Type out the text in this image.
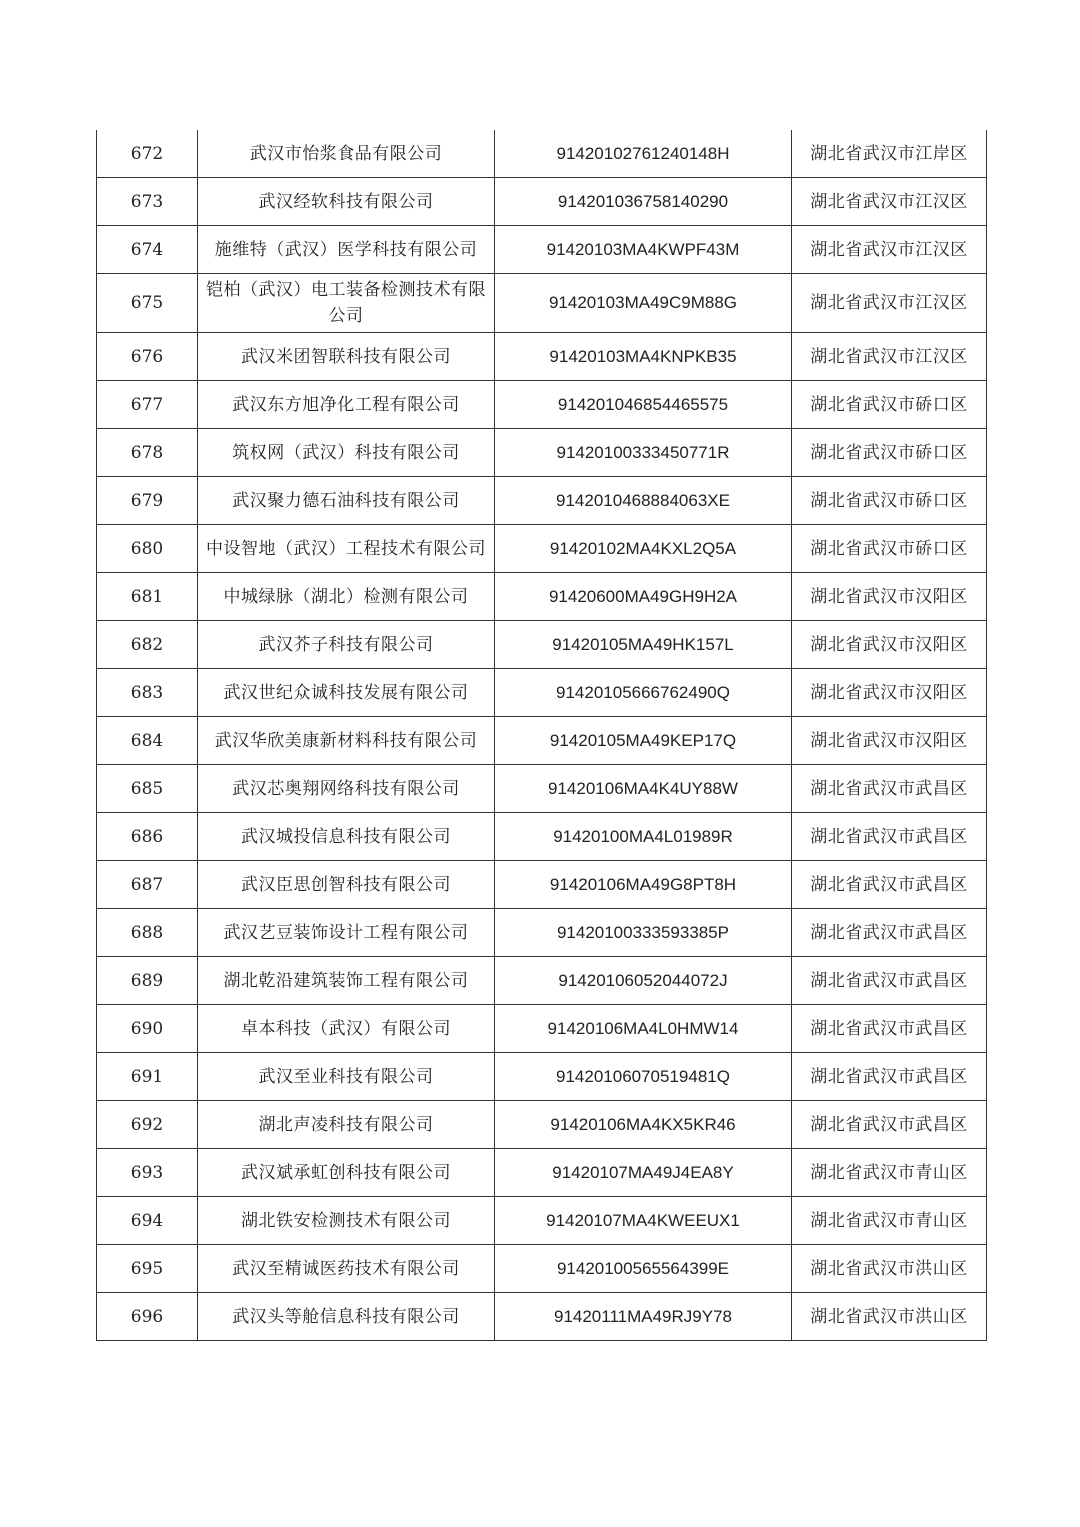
672	武汉市怡浆食品有限公司	91420102761240148H	湖北省武汉市江岸区
673	武汉经软科技有限公司	914201036758140290	湖北省武汉市江汉区
674	施维特（武汉）医学科技有限公司	91420103MA4KWPF43M	湖北省武汉市江汉区
675	铠柏（武汉）电工装备检测技术有限公司	91420103MA49C9M88G	湖北省武汉市江汉区
676	武汉米团智联科技有限公司	91420103MA4KNPKB35	湖北省武汉市江汉区
677	武汉东方旭净化工程有限公司	914201046854465575	湖北省武汉市硚口区
678	筑权网（武汉）科技有限公司	91420100333450771R	湖北省武汉市硚口区
679	武汉聚力德石油科技有限公司	9142010468884063XE	湖北省武汉市硚口区
680	中设智地（武汉）工程技术有限公司	91420102MA4KXL2Q5A	湖北省武汉市硚口区
681	中城绿脉（湖北）检测有限公司	91420600MA49GH9H2A	湖北省武汉市汉阳区
682	武汉芥子科技有限公司	91420105MA49HK157L	湖北省武汉市汉阳区
683	武汉世纪众诚科技发展有限公司	91420105666762490Q	湖北省武汉市汉阳区
684	武汉华欣美康新材料科技有限公司	91420105MA49KEP17Q	湖北省武汉市汉阳区
685	武汉芯奥翔网络科技有限公司	91420106MA4K4UY88W	湖北省武汉市武昌区
686	武汉城投信息科技有限公司	91420100MA4L01989R	湖北省武汉市武昌区
687	武汉臣思创智科技有限公司	91420106MA49G8PT8H	湖北省武汉市武昌区
688	武汉艺豆装饰设计工程有限公司	91420100333593385P	湖北省武汉市武昌区
689	湖北乾沿建筑装饰工程有限公司	91420106052044072J	湖北省武汉市武昌区
690	卓本科技（武汉）有限公司	91420106MA4L0HMW14	湖北省武汉市武昌区
691	武汉至业科技有限公司	91420106070519481Q	湖北省武汉市武昌区
692	湖北声凌科技有限公司	91420106MA4KX5KR46	湖北省武汉市武昌区
693	武汉斌承虹创科技有限公司	91420107MA49J4EA8Y	湖北省武汉市青山区
694	湖北铁安检测技术有限公司	91420107MA4KWEEUX1	湖北省武汉市青山区
695	武汉至精诚医药技术有限公司	91420100565564399E	湖北省武汉市洪山区
696	武汉头等舱信息科技有限公司	91420111MA49RJ9Y78	湖北省武汉市洪山区
